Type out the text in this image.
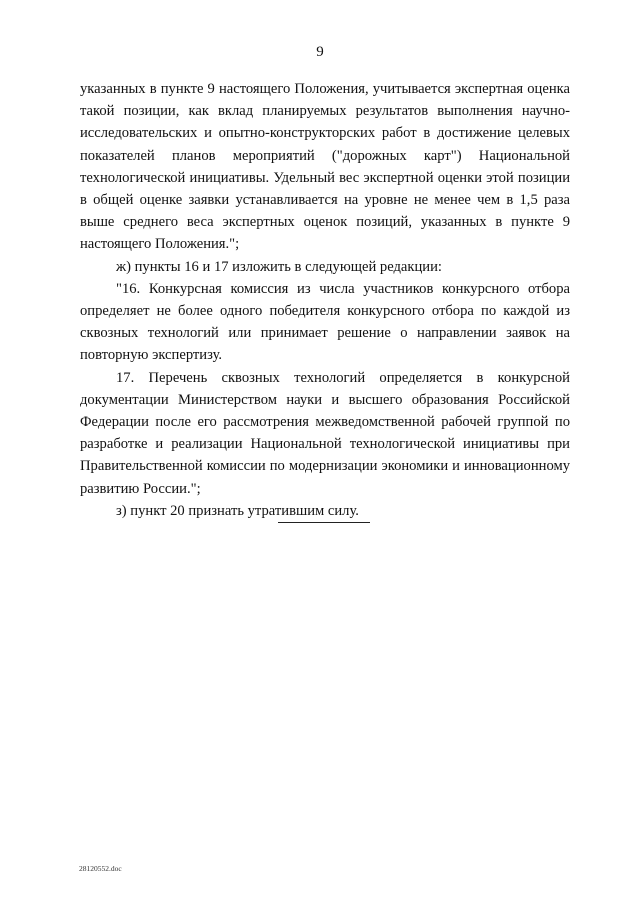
9

указанных в пункте 9 настоящего Положения, учитывается экспертная оценка такой позиции, как вклад планируемых результатов выполнения научно-исследовательских и опытно-конструкторских работ в достижение целевых показателей планов мероприятий ("дорожных карт") Национальной технологической инициативы. Удельный вес экспертной оценки этой позиции в общей оценке заявки устанавливается на уровне не менее чем в 1,5 раза выше среднего веса экспертных оценок позиций, указанных в пункте 9 настоящего Положения.";

ж) пункты 16 и 17 изложить в следующей редакции:

"16. Конкурсная комиссия из числа участников конкурсного отбора определяет не более одного победителя конкурсного отбора по каждой из сквозных технологий или принимает решение о направлении заявок на повторную экспертизу.

17. Перечень сквозных технологий определяется в конкурсной документации Министерством науки и высшего образования Российской Федерации после его рассмотрения межведомственной рабочей группой по разработке и реализации Национальной технологической инициативы при Правительственной комиссии по модернизации экономики и инновационному развитию России.";

з) пункт 20 признать утратившим силу.

28120552.doc
